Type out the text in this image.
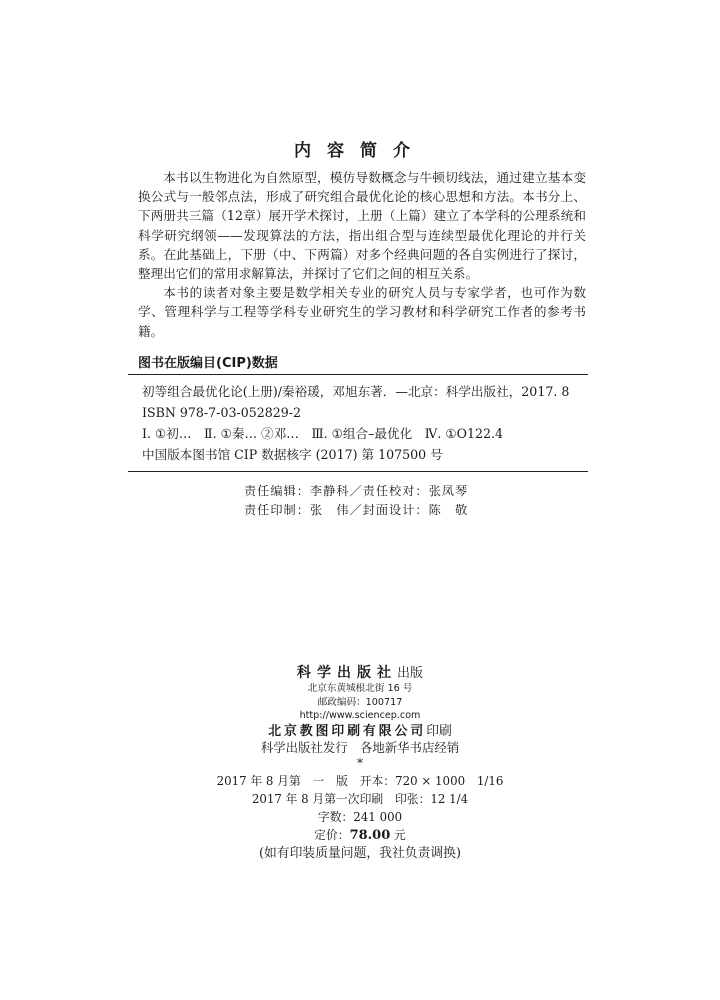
内容简介

本书以生物进化为自然原型，模仿导数概念与牛顿切线法，通过建立基本变换公式与一般邻点法，形成了研究组合最优化论的核心思想和方法。本书分上、下两册共三篇（12章）展开学术探讨，上册（上篇）建立了本学科的公理系统和科学研究纲领——发现算法的方法，指出组合型与连续型最优化理论的并行关系。在此基础上，下册（中、下两篇）对多个经典问题的各自实例进行了探讨，整理出它们的常用求解算法，并探讨了它们之间的相互关系。

本书的读者对象主要是数学相关专业的研究人员与专家学者，也可作为数学、管理科学与工程等学科专业研究生的学习教材和科学研究工作者的参考书籍。

图书在版编目(CIP)数据
初等组合最优化论(上册)/秦裕瑗，邓旭东著．—北京：科学出版社，2017. 8
ISBN 978-7-03-052829-2
Ⅰ. ①初…　Ⅱ. ①秦… ②邓…　Ⅲ. ①组合–最优化　Ⅳ. ①O122.4
中国版本图书馆 CIP 数据核字 (2017) 第 107500 号
责任编辑：李静科／责任校对：张凤琴
责任印制：张　伟／封面设计：陈　敬
科学出版社出版
北京东黄城根北街 16 号
邮政编码：100717
http://www.sciencep.com
北京教图印刷有限公司印刷
科学出版社发行　各地新华书店经销
*
2017 年 8 月第　一　版　开本：720 × 1000　1/16
2017 年 8 月第一次印刷　印张：12 1/4
字数：241 000
定价：78.00 元
(如有印装质量问题，我社负责调换)
